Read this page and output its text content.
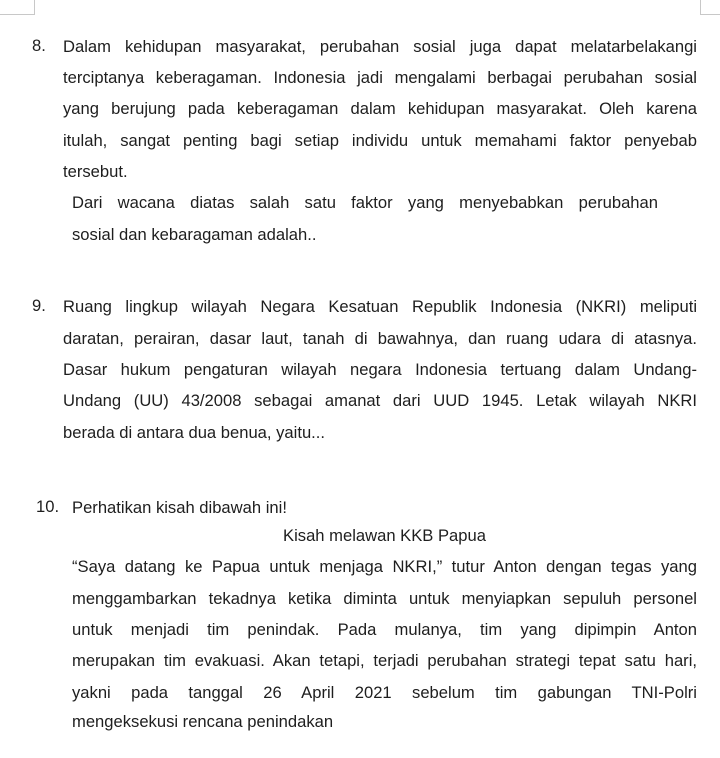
8. Dalam kehidupan masyarakat, perubahan sosial juga dapat melatarbelakangi
terciptanya keberagaman. Indonesia jadi mengalami berbagai perubahan sosial
yang berujung pada keberagaman dalam kehidupan masyarakat. Oleh karena
itulah, sangat penting bagi setiap individu untuk memahami faktor penyebab
tersebut.
Dari wacana diatas salah satu faktor yang menyebabkan perubahan
sosial dan kebaragaman adalah..
9. Ruang lingkup wilayah Negara Kesatuan Republik Indonesia (NKRI) meliputi
daratan, perairan, dasar laut, tanah di bawahnya, dan ruang udara di atasnya.
Dasar hukum pengaturan wilayah negara Indonesia tertuang dalam Undang-
Undang (UU) 43/2008 sebagai amanat dari UUD 1945. Letak wilayah NKRI
berada di antara dua benua, yaitu...
10. Perhatikan kisah dibawah ini!
Kisah melawan KKB Papua
“Saya datang ke Papua untuk menjaga NKRI,” tutur Anton dengan tegas yang
menggambarkan tekadnya ketika diminta untuk menyiapkan sepuluh personel
untuk menjadi tim penindak. Pada mulanya, tim yang dipimpin Anton
merupakan tim evakuasi. Akan tetapi, terjadi perubahan strategi tepat satu hari,
yakni pada tanggal 26 April 2021 sebelum tim gabungan TNI-Polri
mengeksekusi rencana penindakan
